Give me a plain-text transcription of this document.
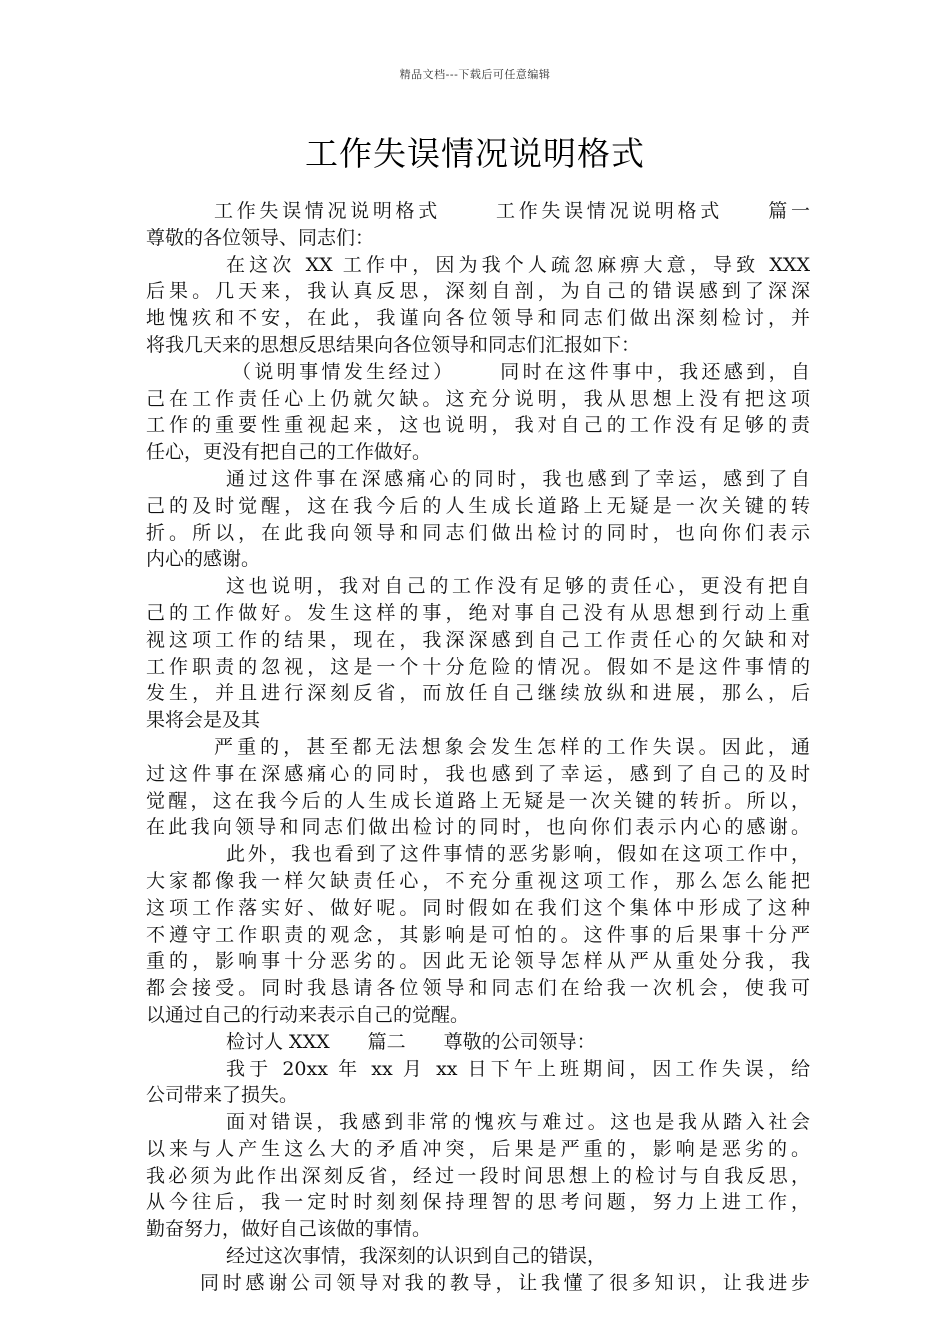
精品文档---下载后可任意编辑
工作失误情况说明格式
工作失误情况说明格式　　 工作失误情况说明格式　　篇一
尊敬的各位领导、同志们：
在这次 XX 工作中，因为我个人疏忽麻痹大意，导致 XXX
后果。几天来，我认真反思，深刻自剖，为自己的错误感到了深深
地愧疚和不安，在此，我谨向各位领导和同志们做出深刻检讨，并
将我几天来的思想反思结果向各位领导和同志们汇报如下：
（说明事情发生经过）　　 同时在这件事中，我还感到，自
己在工作责任心上仍就欠缺。这充分说明，我从思想上没有把这项
工作的重要性重视起来，这也说明，我对自己的工作没有足够的责
任心，更没有把自己的工作做好。
通过这件事在深感痛心的同时，我也感到了幸运，感到了自
己的及时觉醒，这在我今后的人生成长道路上无疑是一次关键的转
折。所以，在此我向领导和同志们做出检讨的同时，也向你们表示
内心的感谢。
这也说明，我对自己的工作没有足够的责任心，更没有把自
己的工作做好。发生这样的事，绝对事自己没有从思想到行动上重
视这项工作的结果，现在，我深深感到自己工作责任心的欠缺和对
工作职责的忽视，这是一个十分危险的情况。假如不是这件事情的
发生，并且进行深刻反省，而放任自己继续放纵和进展，那么，后
果将会是及其
严重的，甚至都无法想象会发生怎样的工作失误。因此，通
过这件事在深感痛心的同时，我也感到了幸运，感到了自己的及时
觉醒，这在我今后的人生成长道路上无疑是一次关键的转折。所以，
在此我向领导和同志们做出检讨的同时，也向你们表示内心的感谢。
此外，我也看到了这件事情的恶劣影响，假如在这项工作中，
大家都像我一样欠缺责任心，不充分重视这项工作，那么怎么能把
这项工作落实好、做好呢。同时假如在我们这个集体中形成了这种
不遵守工作职责的观念，其影响是可怕的。这件事的后果事十分严
重的，影响事十分恶劣的。因此无论领导怎样从严从重处分我，我
都会接受。同时我恳请各位领导和同志们在给我一次机会，使我可
以通过自己的行动来表示自己的觉醒。
检讨人 XXX　　篇二　　尊敬的公司领导：
我于 20xx 年 xx 月 xx 日下午上班期间，因工作失误，给
公司带来了损失。
面对错误，我感到非常的愧疚与难过。这也是我从踏入社会
以来与人产生这么大的矛盾冲突，后果是严重的，影响是恶劣的。
我必须为此作出深刻反省，经过一段时间思想上的检讨与自我反思，
从今往后，我一定时时刻刻保持理智的思考问题，努力上进工作，
勤奋努力，做好自己该做的事情。
经过这次事情，我深刻的认识到自己的错误，
同时感谢公司领导对我的教导，让我懂了很多知识，让我进步
